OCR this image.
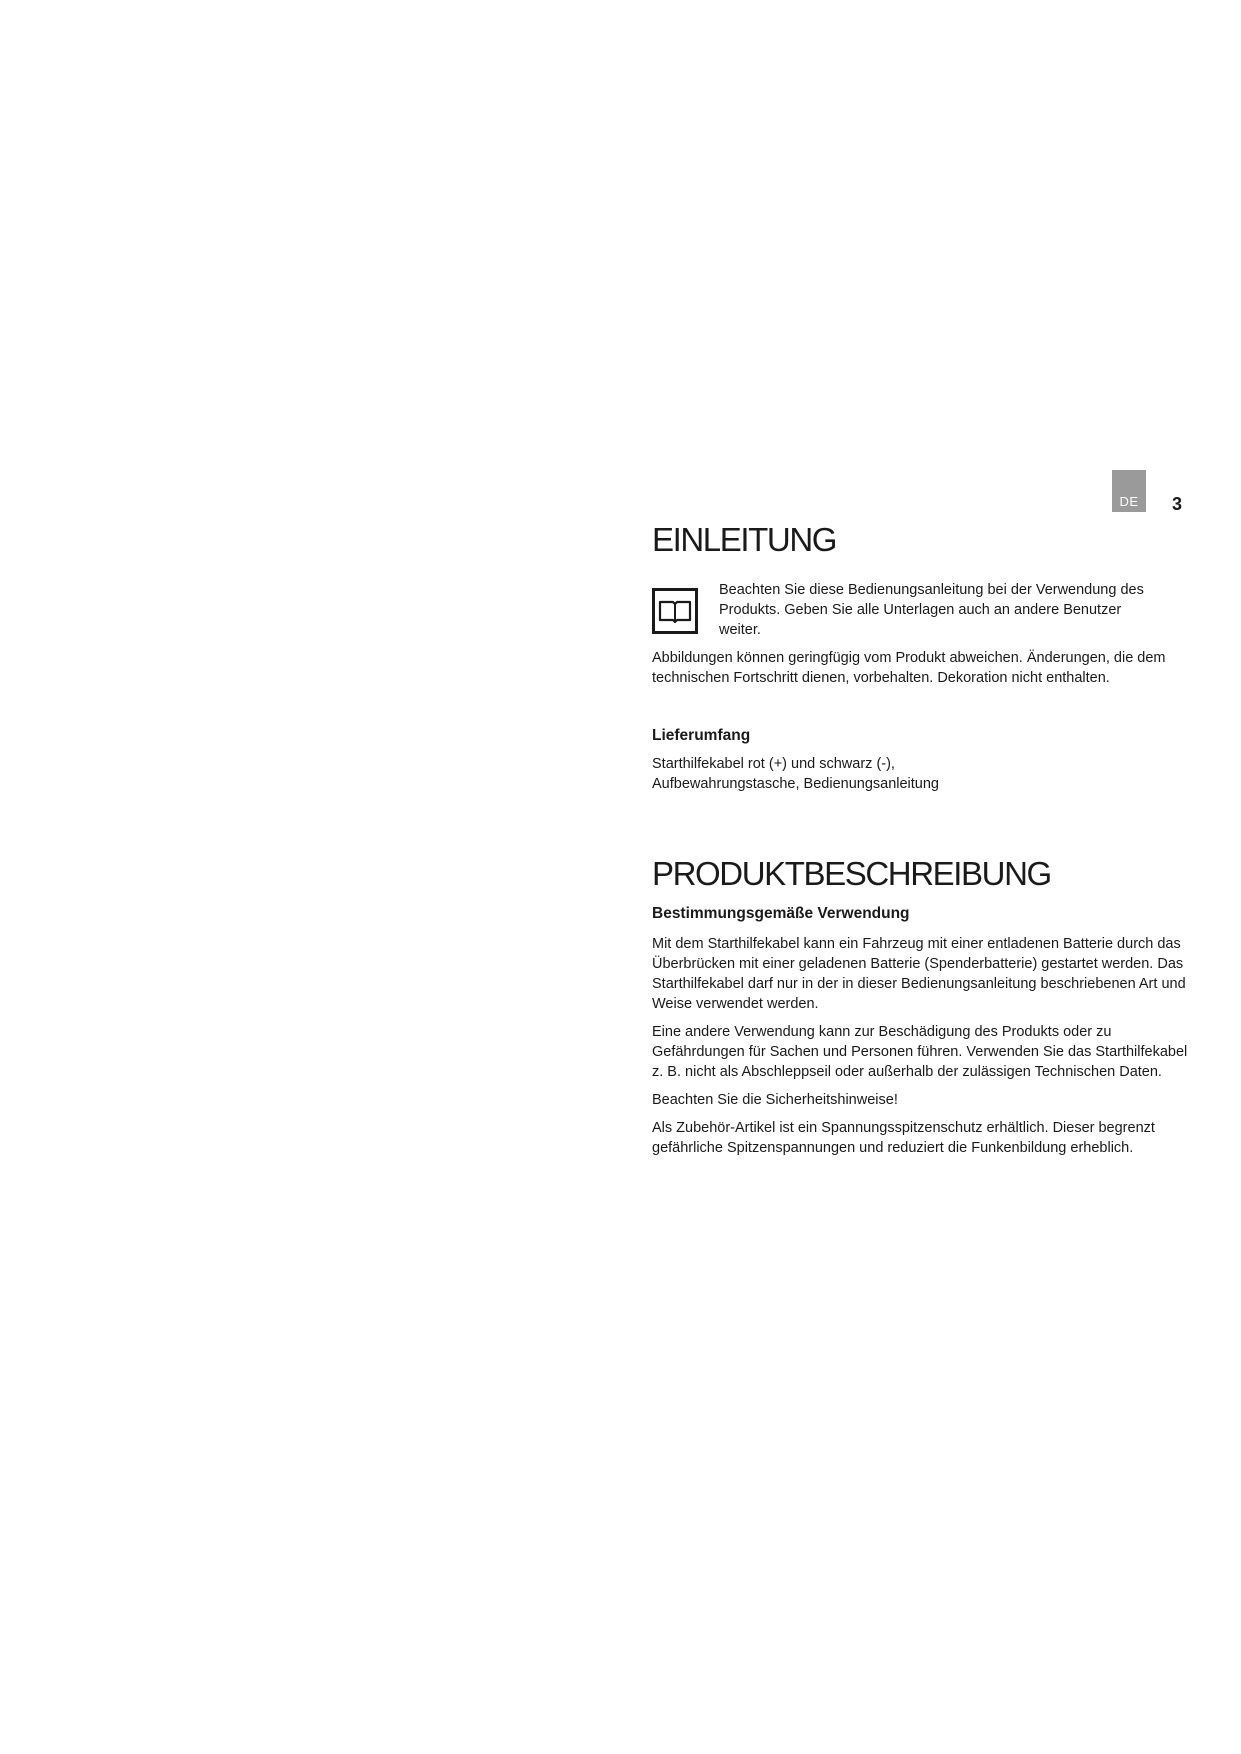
DE 3
EINLEITUNG

Beachten Sie diese Bedienungsanleitung bei der Verwendung des Produkts. Geben Sie alle Unterlagen auch an andere Benutzer weiter.

Abbildungen können geringfügig vom Produkt abweichen. Änderungen, die dem technischen Fortschritt dienen, vorbehalten. Dekoration nicht enthalten.

Lieferumfang

Starthilfekabel rot (+) und schwarz (-), Aufbewahrungstasche, Bedienungsanleitung

PRODUKTBESCHREIBUNG
Bestimmungsgemäße Verwendung

Mit dem Starthilfekabel kann ein Fahrzeug mit einer entladenen Batterie durch das Überbrücken mit einer geladenen Batterie (Spenderbatterie) gestartet werden. Das Starthilfekabel darf nur in der in dieser Bedienungsanleitung beschriebenen Art und Weise verwendet werden.

Eine andere Verwendung kann zur Beschädigung des Produkts oder zu Gefährdungen für Sachen und Personen führen. Verwenden Sie das Starthilfekabel z. B. nicht als Abschleppseil oder außerhalb der zulässigen Technischen Daten.

Beachten Sie die Sicherheitshinweise!

Als Zubehör-Artikel ist ein Spannungsspitzenschutz erhältlich. Dieser begrenzt gefährliche Spitzenspannungen und reduziert die Funkenbildung erheblich.
